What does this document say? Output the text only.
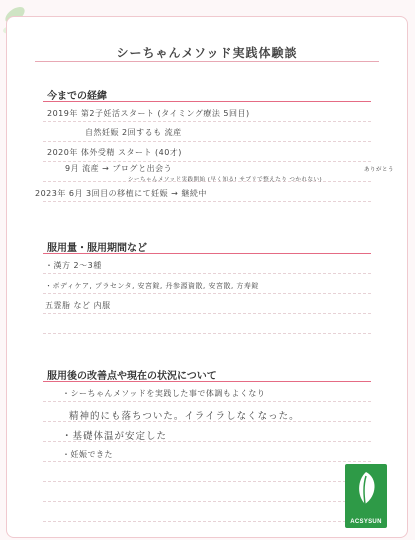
シーちゃんメソッド実践体験談
今までの経緯
2019年 第2子妊活スタート (タイミング療法 5回目)
自然妊娠 2回するも 流産
2020年 体外受精 スタート (40才)
9月 流産 → ブログと出会う
シーちゃんメソッド実践開始 (早く知る! サプリで整えたり つかれない)
ありがとう
2023年 6月 3回目の移植にて妊娠 → 継続中
服用量・服用期間など
・漢方 2～3種
・ボディケア, プラセンタ, 安宮錠, 丹参源資散, 安宮散, 方寿錠
五霊脂 など 内服
服用後の改善点や現在の状況について
・シーちゃんメソッドを実践した事で体調もよくなり
精神的にも落ちついた。イライラしなくなった。
・基礎体温が安定した
・妊娠できた
ACSYSUN
